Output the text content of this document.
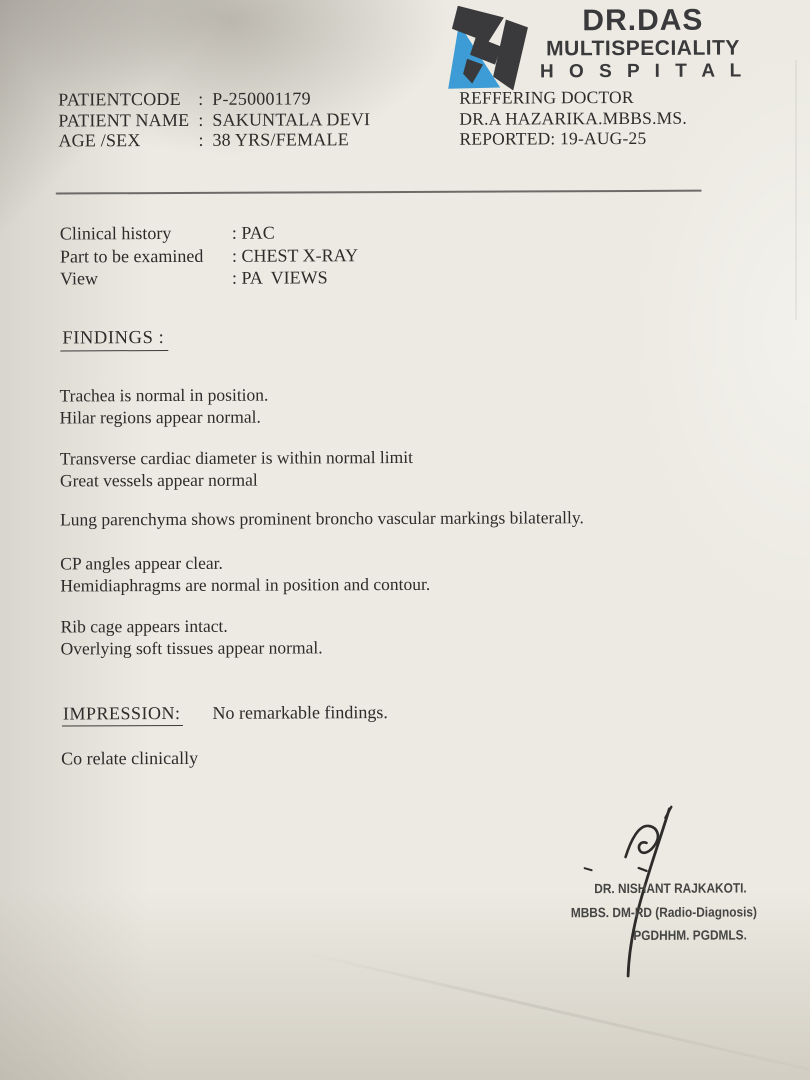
DR.DAS
MULTISPECIALITY
H O S P I T A L
PATIENTCODE : P-250001179
PATIENT NAME : SAKUNTALA DEVI
AGE /SEX	: 38 YRS/FEMALE
REFFERING DOCTOR
DR.A HAZARIKA.MBBS.MS.
REPORTED: 19-AUG-25
Clinical history	: PAC
Part to be examined	: CHEST X-RAY
View	: PA  VIEWS
FINDINGS :
Trachea is normal in position.
Hilar regions appear normal.
Transverse cardiac diameter is within normal limit
Great vessels appear normal
Lung parenchyma shows prominent broncho vascular markings bilaterally.
CP angles appear clear.
Hemidiaphragms are normal in position and contour.
Rib cage appears intact.
Overlying soft tissues appear normal.
IMPRESSION: No remarkable findings.
Co relate clinically
DR. NISHANT RAJKAKOTI.
MBBS. DM-RD (Radio-Diagnosis)
PGDHHM. PGDMLS.
